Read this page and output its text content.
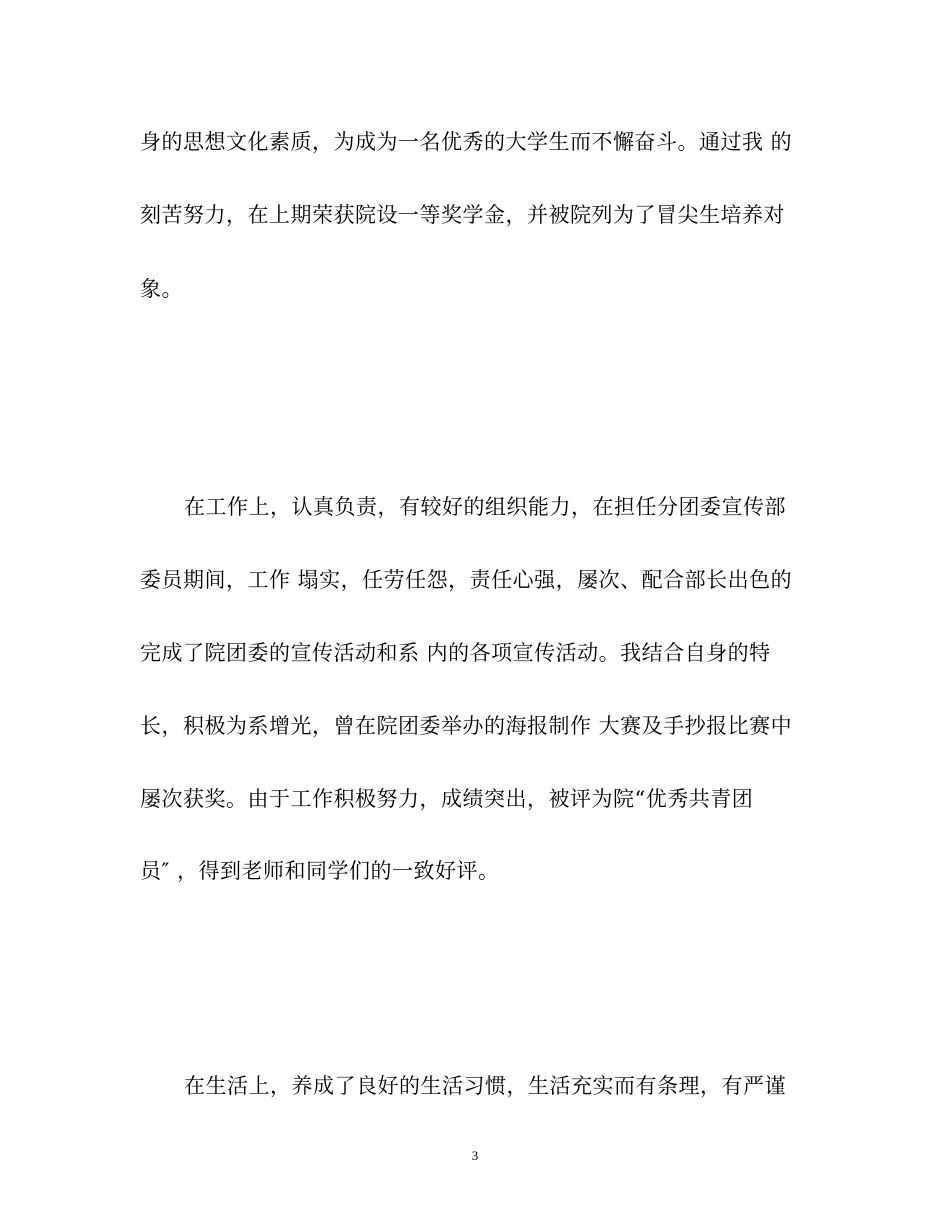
身的思想文化素质，为成为一名优秀的大学生而不懈奋斗。通过我 的
刻苦努力，在上期荣获院设一等奖学金，并被院列为了冒尖生培养对
象。
在工作上，认真负责，有较好的组织能力，在担任分团委宣传部
委员期间，工作 塌实，任劳任怨，责任心强，屡次、配合部长出色的
完成了院团委的宣传活动和系 内的各项宣传活动。我结合自身的特
长，积极为系增光，曾在院团委举办的海报制作 大赛及手抄报比赛中
屡次获奖。由于工作积极努力，成绩突出，被评为院“优秀共青团
员″ ，得到老师和同学们的一致好评。
在生活上，养成了良好的生活习惯，生活充实而有条理，有严谨
3
